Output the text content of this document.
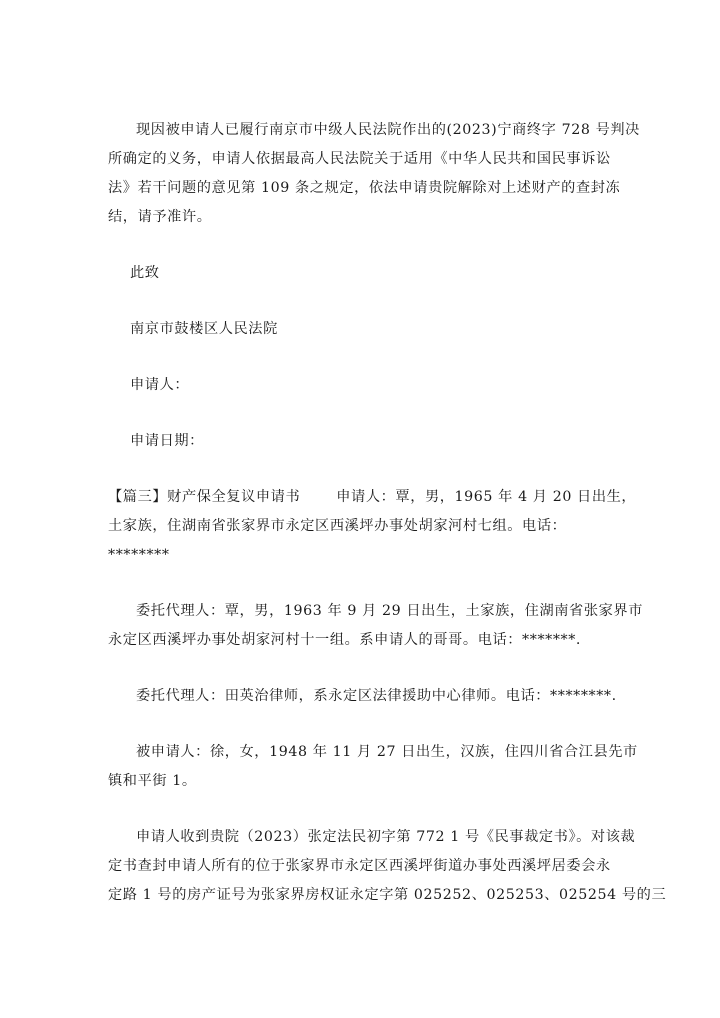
现因被申请人已履行南京市中级人民法院作出的(2023)宁商终字 728 号判决
所确定的义务，申请人依据最高人民法院关于适用《中华人民共和国民事诉讼
法》若干问题的意见第 109 条之规定，依法申请贵院解除对上述财产的查封冻
结，请予准许。
此致
南京市鼓楼区人民法院
申请人：
申请日期：
【篇三】财产保全复议申请书	申请人：覃，男，1965 年 4 月 20 日出生，
土家族，住湖南省张家界市永定区西溪坪办事处胡家河村七组。电话：
********
委托代理人：覃，男，1963 年 9 月 29 日出生，土家族，住湖南省张家界市
永定区西溪坪办事处胡家河村十一组。系申请人的哥哥。电话：*******.
委托代理人：田英治律师，系永定区法律援助中心律师。电话：********.
被申请人：徐，女，1948 年 11 月 27 日出生，汉族，住四川省合江县先市
镇和平街 1。
申请人收到贵院（2023）张定法民初字第 772 1 号《民事裁定书》。对该裁
定书查封申请人所有的位于张家界市永定区西溪坪街道办事处西溪坪居委会永
定路 1 号的房产证号为张家界房权证永定字第 025252、025253、025254 号的三
